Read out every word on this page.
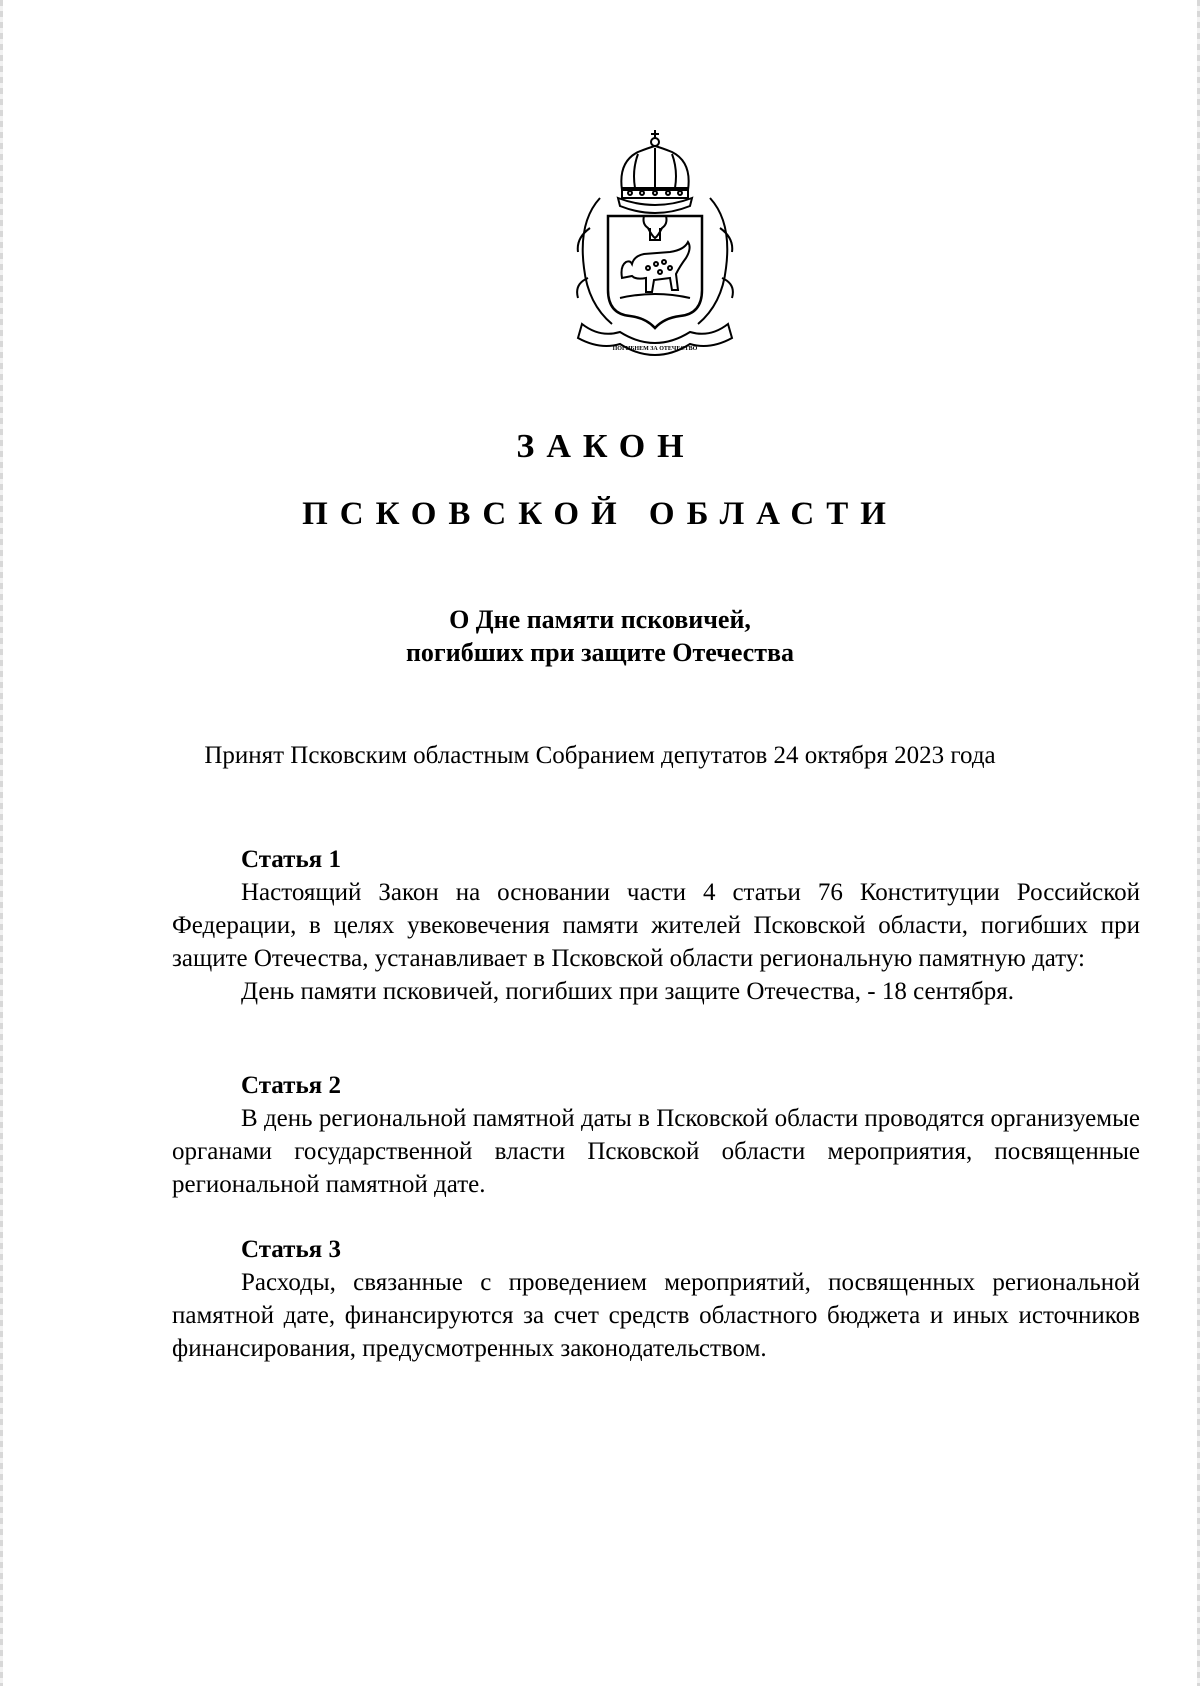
ПОГИБНЕМ ЗА ОТЕЧЕСТВО
ЗАКОН
ПСКОВСКОЙ ОБЛАСТИ
О Дне памяти псковичей,
погибших при защите Отечества
Принят Псковским областным Собранием депутатов 24 октября 2023 года
Статья 1

Настоящий Закон на основании части 4 статьи 76 Конституции Российской Федерации, в целях увековечения памяти жителей Псковской области, погибших при защите Отечества, устанавливает в Псковской области региональную памятную дату:

День памяти псковичей, погибших при защите Отечества, - 18 сентября.

Статья 2

В день региональной памятной даты в Псковской области проводятся организуемые органами государственной власти Псковской области мероприятия, посвященные региональной памятной дате.

Статья 3

Расходы, связанные с проведением мероприятий, посвященных региональной памятной дате, финансируются за счет средств областного бюджета и иных источников финансирования, предусмотренных законодательством.
